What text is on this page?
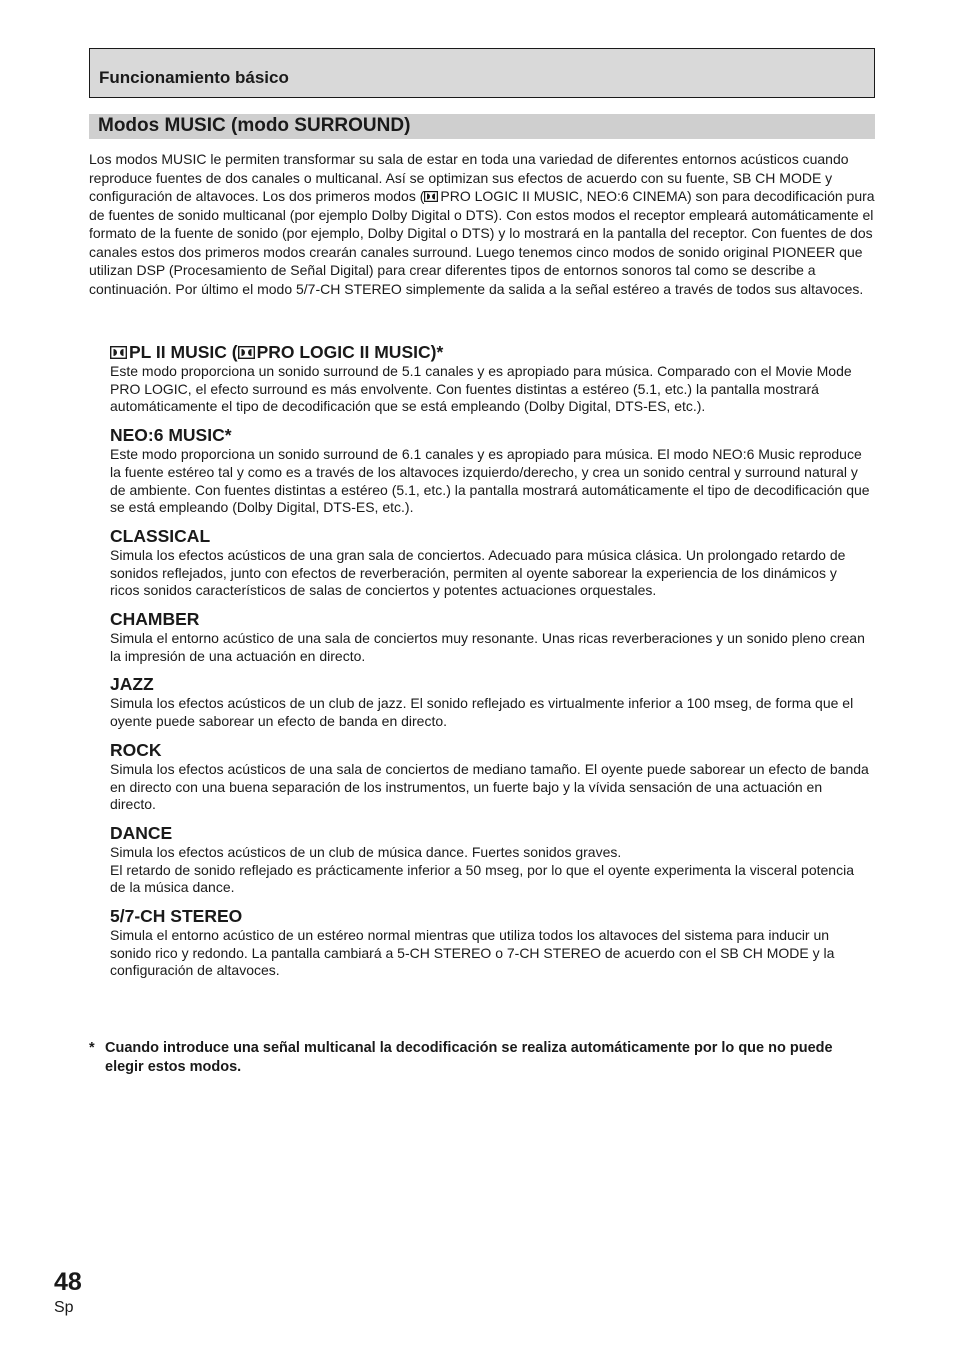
Funcionamiento básico
Modos MUSIC (modo SURROUND)

Los modos MUSIC le permiten transformar su sala de estar en toda una variedad de diferentes entornos acústicos cuando reproduce fuentes de dos canales o multicanal. Así se optimizan sus efectos de acuerdo con su fuente, SB CH MODE y configuración de altavoces. Los dos primeros modos ( PRO LOGIC II MUSIC, NEO:6 CINEMA) son para decodificación pura de fuentes de sonido multicanal (por ejemplo Dolby Digital o DTS). Con estos modos el receptor empleará automáticamente el formato de la fuente de sonido (por ejemplo, Dolby Digital o DTS) y lo mostrará en la pantalla del receptor. Con fuentes de dos canales estos dos primeros modos crearán canales surround. Luego tenemos cinco modos de sonido original PIONEER que utilizan DSP (Procesamiento de Señal Digital) para crear diferentes tipos de entornos sonoros tal como se describe a continuación. Por último el modo 5/7-CH STEREO simplemente da salida a la señal estéreo a través de todos sus altavoces.

PL II MUSIC ( PRO LOGIC II MUSIC)*

Este modo proporciona un sonido surround de 5.1 canales y es apropiado para música. Comparado con el Movie Mode PRO LOGIC, el efecto surround es más envolvente. Con fuentes distintas a estéreo (5.1, etc.) la pantalla mostrará automáticamente el tipo de decodificación que se está empleando (Dolby Digital, DTS-ES, etc.).

NEO:6 MUSIC*

Este modo proporciona un sonido surround de 6.1 canales y es apropiado para música. El modo NEO:6 Music reproduce la fuente estéreo tal y como es a través de los altavoces izquierdo/derecho, y crea un sonido central y surround natural y de ambiente. Con fuentes distintas a estéreo (5.1, etc.) la pantalla mostrará automáticamente el tipo de decodificación que se está empleando (Dolby Digital, DTS-ES, etc.).

CLASSICAL

Simula los efectos acústicos de una gran sala de conciertos. Adecuado para música clásica. Un prolongado retardo de sonidos reflejados, junto con efectos de reverberación, permiten al oyente saborear la experiencia de los dinámicos y ricos sonidos característicos de salas de conciertos y potentes actuaciones orquestales.

CHAMBER

Simula el entorno acústico de una sala de conciertos muy resonante. Unas ricas reverberaciones y un sonido pleno crean la impresión de una actuación en directo.

JAZZ

Simula los efectos acústicos de un club de jazz. El sonido reflejado es virtualmente inferior a 100 mseg, de forma que el oyente puede saborear un efecto de banda en directo.

ROCK

Simula los efectos acústicos de una sala de conciertos de mediano tamaño. El oyente puede saborear un efecto de banda en directo con una buena separación de los instrumentos, un fuerte bajo y la vívida sensación de una actuación en directo.

DANCE

Simula los efectos acústicos de un club de música dance. Fuertes sonidos graves.

El retardo de sonido reflejado es prácticamente inferior a 50 mseg, por lo que el oyente experimenta la visceral potencia de la música dance.

5/7-CH STEREO

Simula el entorno acústico de un estéreo normal mientras que utiliza todos los altavoces del sistema para inducir un sonido rico y redondo. La pantalla cambiará a 5-CH STEREO o 7-CH STEREO de acuerdo con el SB CH MODE y la configuración de altavoces.

* Cuando introduce una señal multicanal la decodificación se realiza automáticamente por lo que no puede elegir estos modos.
48
Sp
